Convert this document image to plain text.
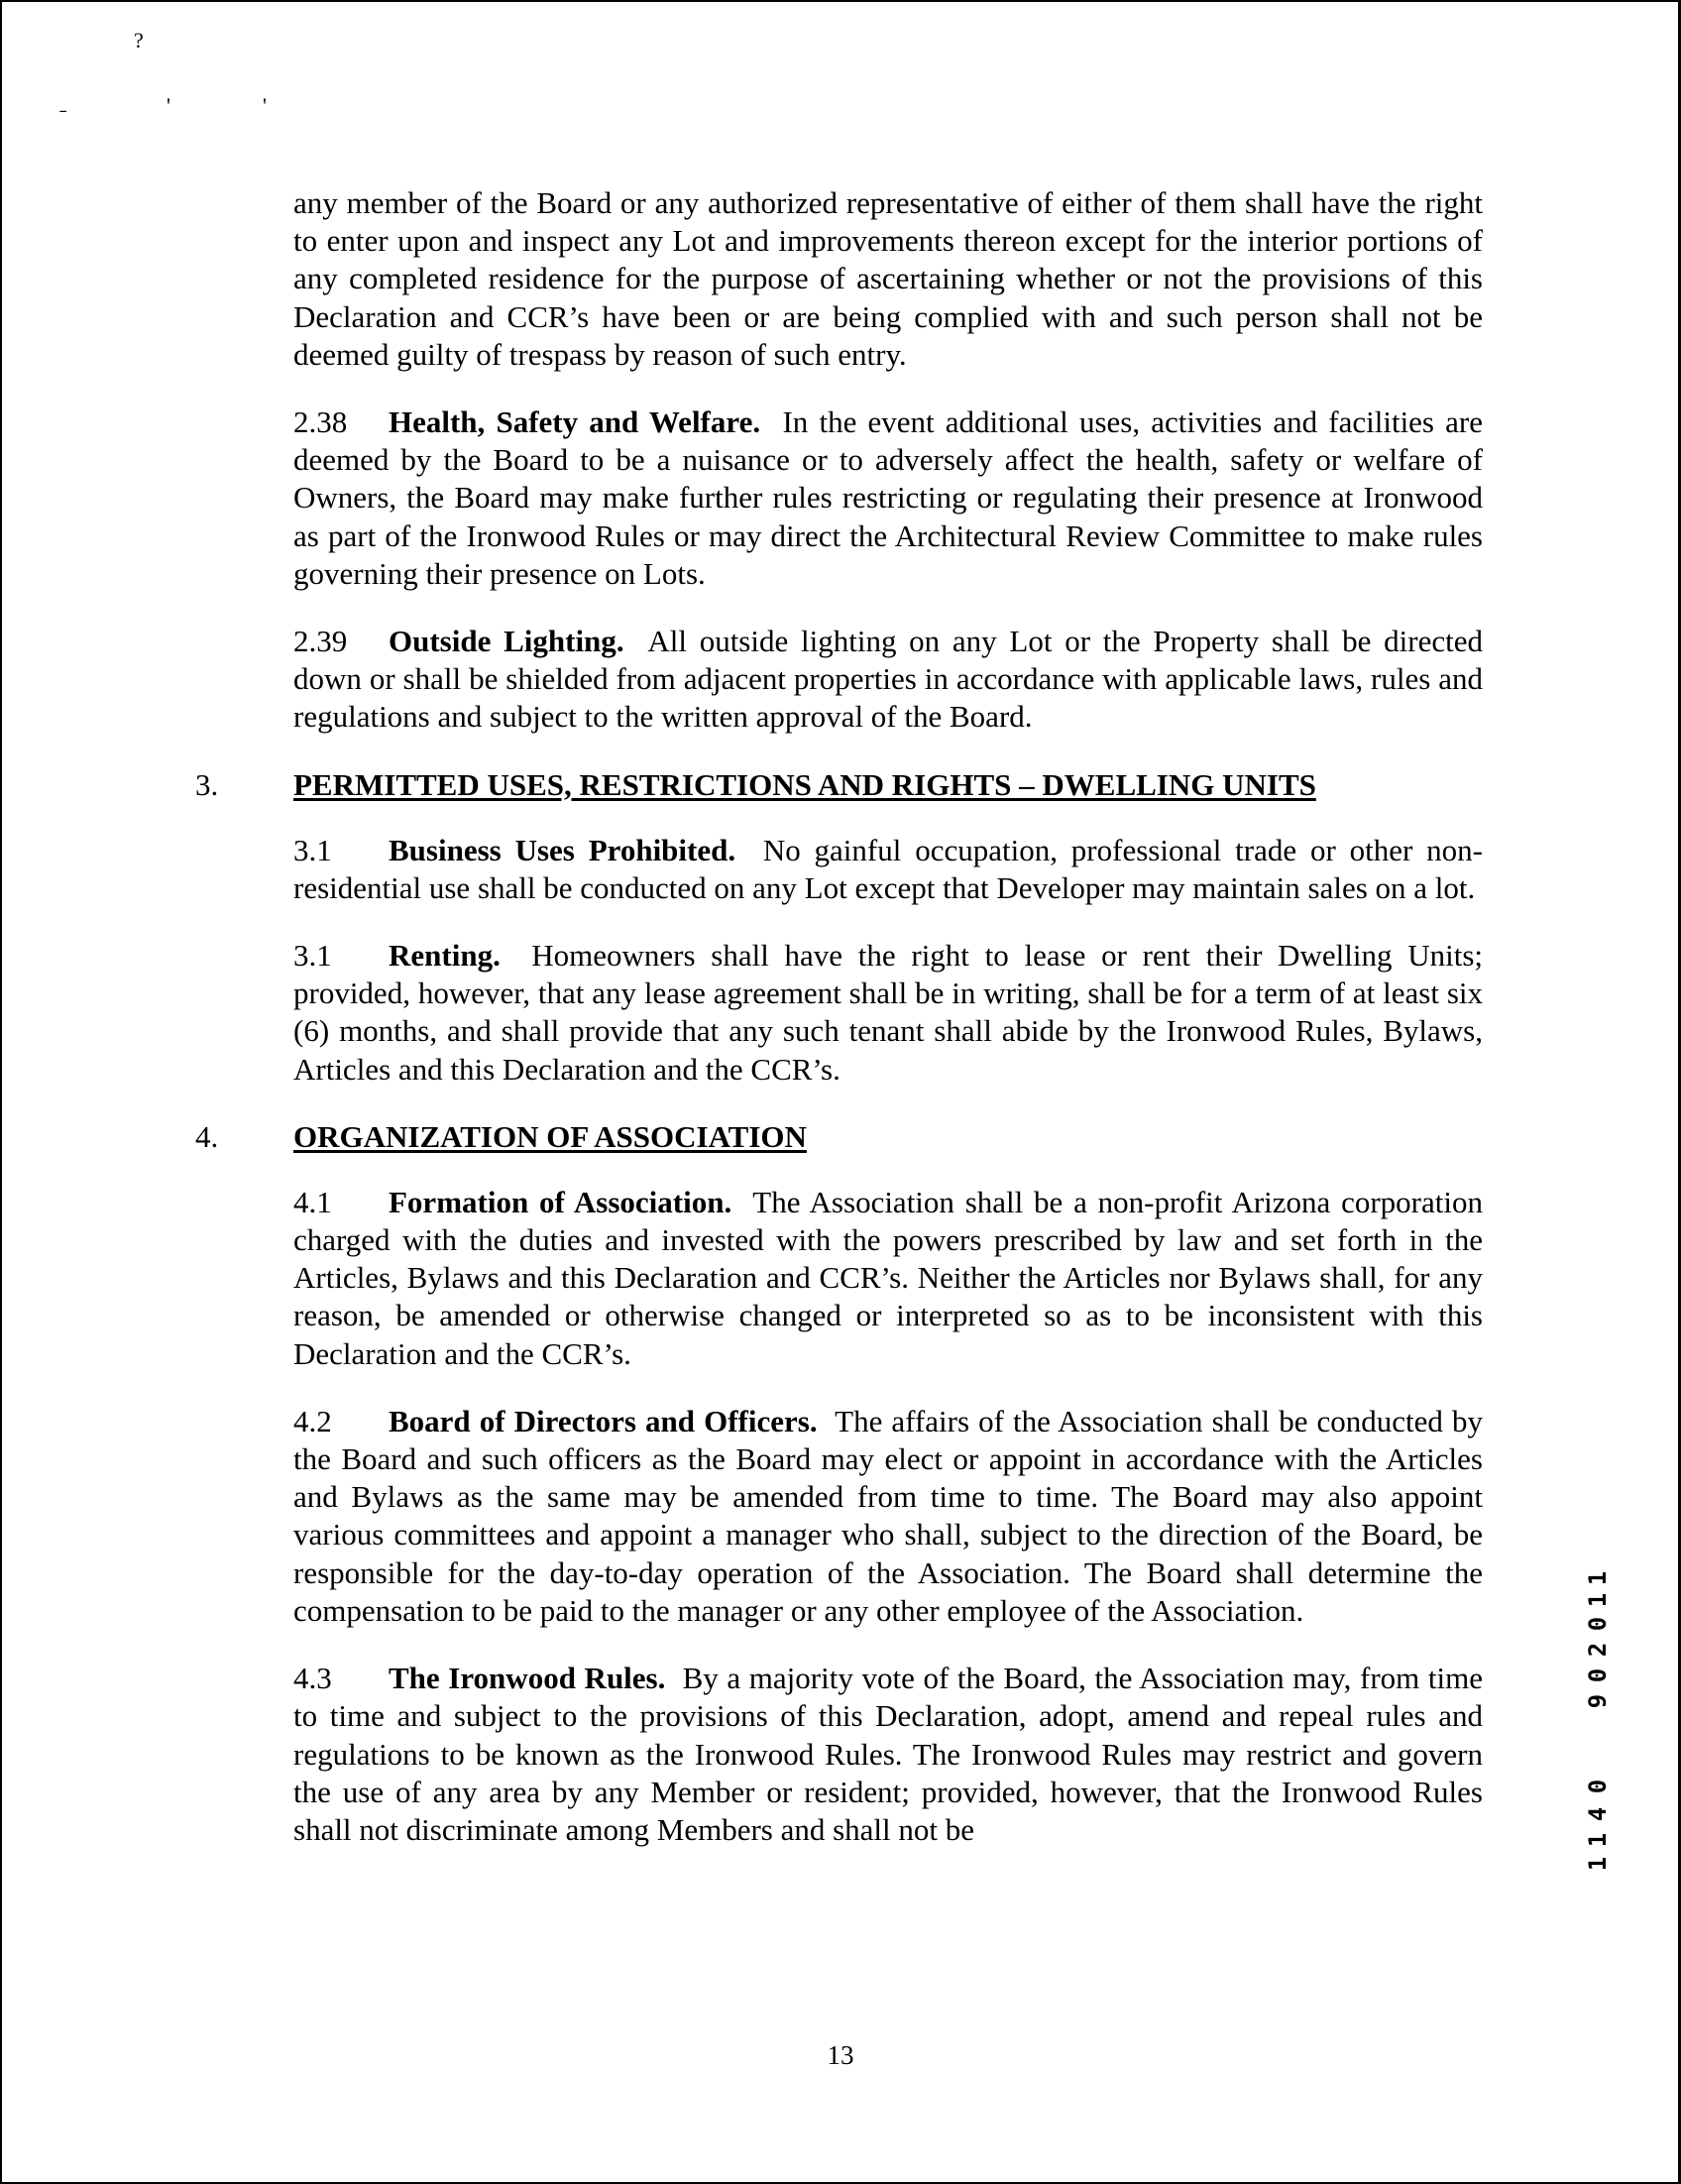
?
ˍ	'	'

any member of the Board or any authorized representative of either of them shall have the right to enter upon and inspect any Lot and improvements thereon except for the interior portions of any completed residence for the purpose of ascertaining whether or not the provisions of this Declaration and CCR’s have been or are being complied with and such person shall not be deemed guilty of trespass by reason of such entry.

2.38 Health, Safety and Welfare. In the event additional uses, activities and facilities are deemed by the Board to be a nuisance or to adversely affect the health, safety or welfare of Owners, the Board may make further rules restricting or regulating their presence at Ironwood as part of the Ironwood Rules or may direct the Architectural Review Committee to make rules governing their presence on Lots.

2.39 Outside Lighting. All outside lighting on any Lot or the Property shall be directed down or shall be shielded from adjacent properties in accordance with applicable laws, rules and regulations and subject to the written approval of the Board.

3. PERMITTED USES, RESTRICTIONS AND RIGHTS – DWELLING UNITS

3.1 Business Uses Prohibited. No gainful occupation, professional trade or other non-residential use shall be conducted on any Lot except that Developer may maintain sales on a lot.

3.1 Renting. Homeowners shall have the right to lease or rent their Dwelling Units; provided, however, that any lease agreement shall be in writing, shall be for a term of at least six (6) months, and shall provide that any such tenant shall abide by the Ironwood Rules, Bylaws, Articles and this Declaration and the CCR’s.

4. ORGANIZATION OF ASSOCIATION

4.1 Formation of Association. The Association shall be a non-profit Arizona corporation charged with the duties and invested with the powers prescribed by law and set forth in the Articles, Bylaws and this Declaration and CCR’s. Neither the Articles nor Bylaws shall, for any reason, be amended or otherwise changed or interpreted so as to be inconsistent with this Declaration and the CCR’s.

4.2 Board of Directors and Officers. The affairs of the Association shall be conducted by the Board and such officers as the Board may elect or appoint in accordance with the Articles and Bylaws as the same may be amended from time to time. The Board may also appoint various committees and appoint a manager who shall, subject to the direction of the Board, be responsible for the day-to-day operation of the Association. The Board shall determine the compensation to be paid to the manager or any other employee of the Association.

4.3 The Ironwood Rules. By a majority vote of the Board, the Association may, from time to time and subject to the provisions of this Declaration, adopt, amend and repeal rules and regulations to be known as the Ironwood Rules. The Ironwood Rules may restrict and govern the use of any area by any Member or resident; provided, however, that the Ironwood Rules shall not discriminate among Members and shall not be

1
1
0
2
0
9
0
4
1
1
13
